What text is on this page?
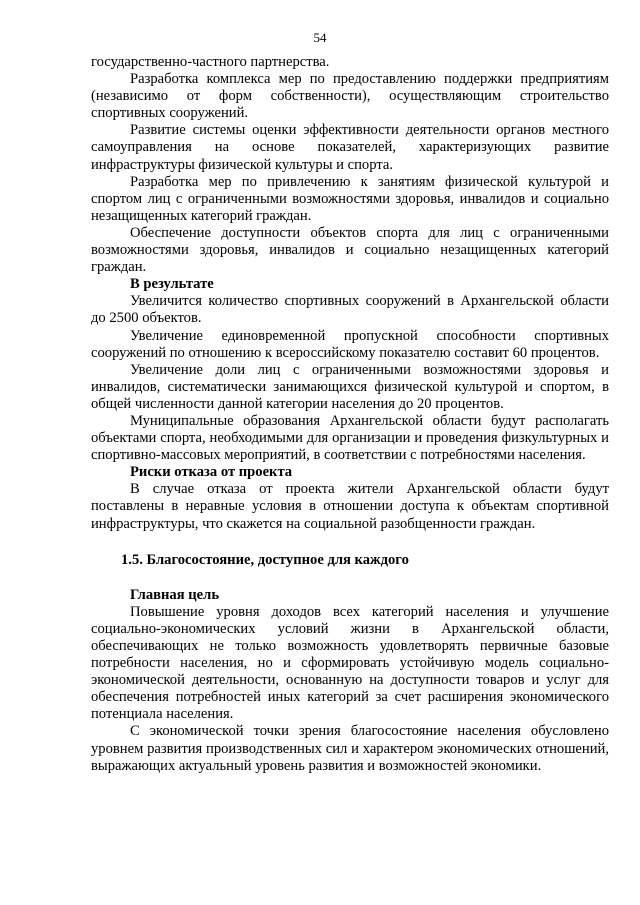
54

государственно-частного партнерства.

Разработка комплекса мер по предоставлению поддержки предприятиям (независимо от форм собственности), осуществляющим строительство спортивных сооружений.

Развитие системы оценки эффективности деятельности органов местного самоуправления на основе показателей, характеризующих развитие инфраструктуры физической культуры и спорта.

Разработка мер по привлечению к занятиям физической культурой и спортом лиц с ограниченными возможностями здоровья, инвалидов и социально незащищенных категорий граждан.

Обеспечение доступности объектов спорта для лиц с ограниченными возможностями здоровья, инвалидов и социально незащищенных категорий граждан.

В результате

Увеличится количество спортивных сооружений в Архангельской области до 2500 объектов.

Увеличение единовременной пропускной способности спортивных сооружений по отношению к всероссийскому показателю составит 60 процентов.

Увеличение доли лиц с ограниченными возможностями здоровья и инвалидов, систематически занимающихся физической культурой и спортом, в общей численности данной категории населения до 20 процентов.

Муниципальные образования Архангельской области будут располагать объектами спорта, необходимыми для организации и проведения физкультурных и спортивно-массовых мероприятий, в соответствии с потребностями населения.

Риски отказа от проекта

В случае отказа от проекта жители Архангельской области будут поставлены в неравные условия в отношении доступа к объектам спортивной инфраструктуры, что скажется на социальной разобщенности граждан.

1.5. Благосостояние, доступное для каждого

Главная цель

Повышение уровня доходов всех категорий населения и улучшение социально-экономических условий жизни в Архангельской области, обеспечивающих не только возможность удовлетворять первичные базовые потребности населения, но и сформировать устойчивую модель социально-экономической деятельности, основанную на доступности товаров и услуг для обеспечения потребностей иных категорий за счет расширения экономического потенциала населения.

С экономической точки зрения благосостояние населения обусловлено уровнем развития производственных сил и характером экономических отношений, выражающих актуальный уровень развития и возможностей экономики.
